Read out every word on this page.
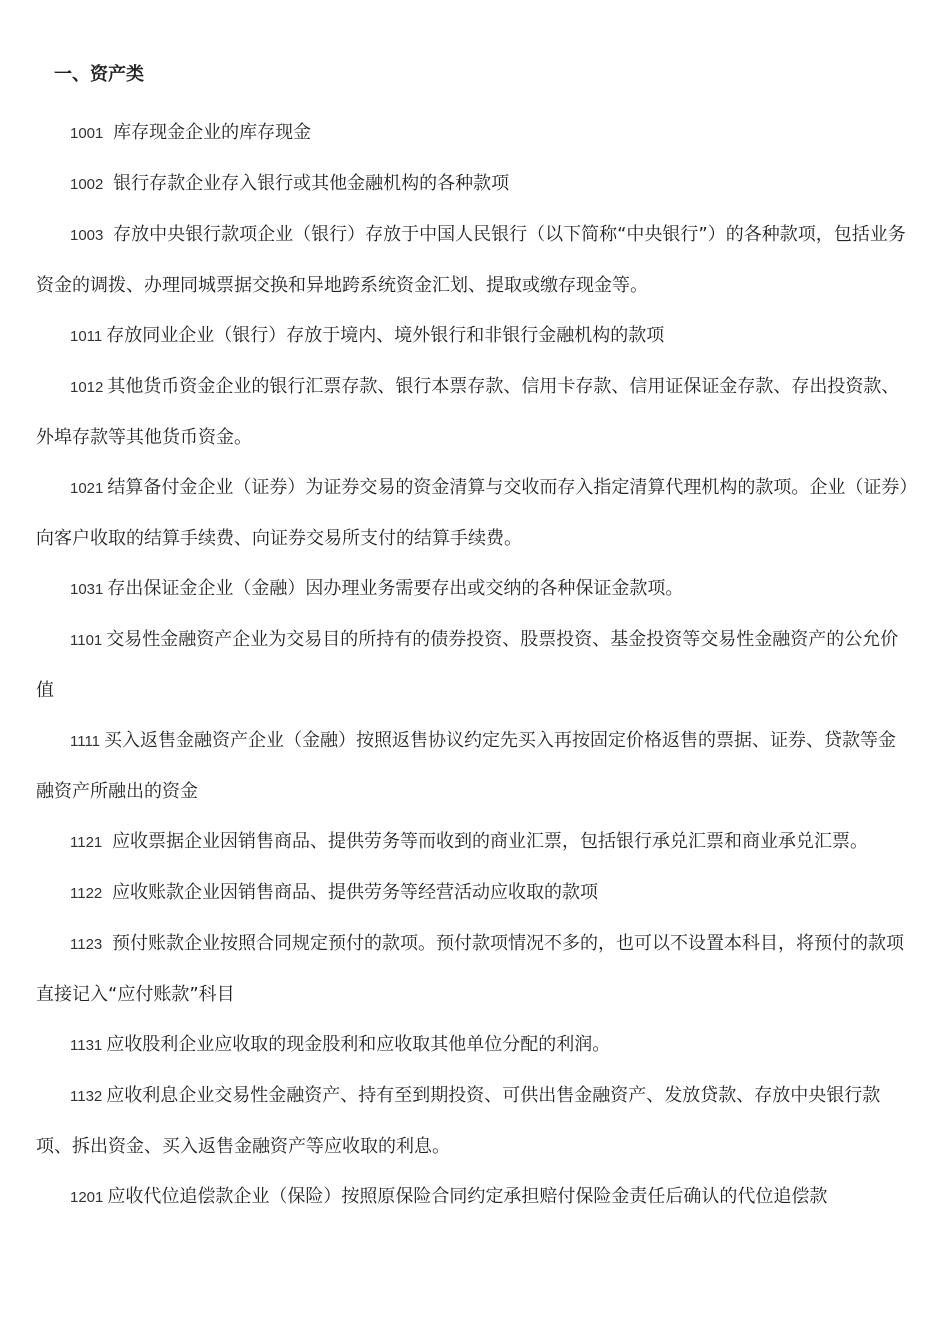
一、资产类

1001 库存现金企业的库存现金

1002 银行存款企业存入银行或其他金融机构的各种款项

1003 存放中央银行款项企业（银行）存放于中国人民银行（以下简称“中央银行”）的各种款项，包括业务资金的调拨、办理同城票据交换和异地跨系统资金汇划、提取或缴存现金等。

1011 存放同业企业（银行）存放于境内、境外银行和非银行金融机构的款项

1012 其他货币资金企业的银行汇票存款、银行本票存款、信用卡存款、信用证保证金存款、存出投资款、外埠存款等其他货币资金。

1021 结算备付金企业（证券）为证券交易的资金清算与交收而存入指定清算代理机构的款项。企业（证券）向客户收取的结算手续费、向证券交易所支付的结算手续费。

1031 存出保证金企业（金融）因办理业务需要存出或交纳的各种保证金款项。

1101 交易性金融资产企业为交易目的所持有的债券投资、股票投资、基金投资等交易性金融资产的公允价值

1111 买入返售金融资产企业（金融）按照返售协议约定先买入再按固定价格返售的票据、证券、贷款等金融资产所融出的资金

1121 应收票据企业因销售商品、提供劳务等而收到的商业汇票，包括银行承兑汇票和商业承兑汇票。

1122 应收账款企业因销售商品、提供劳务等经营活动应收取的款项

1123 预付账款企业按照合同规定预付的款项。预付款项情况不多的，也可以不设置本科目，将预付的款项直接记入“应付账款”科目

1131 应收股利企业应收取的现金股利和应收取其他单位分配的利润。

1132 应收利息企业交易性金融资产、持有至到期投资、可供出售金融资产、发放贷款、存放中央银行款项、拆出资金、买入返售金融资产等应收取的利息。

1201 应收代位追偿款企业（保险）按照原保险合同约定承担赔付保险金责任后确认的代位追偿款
